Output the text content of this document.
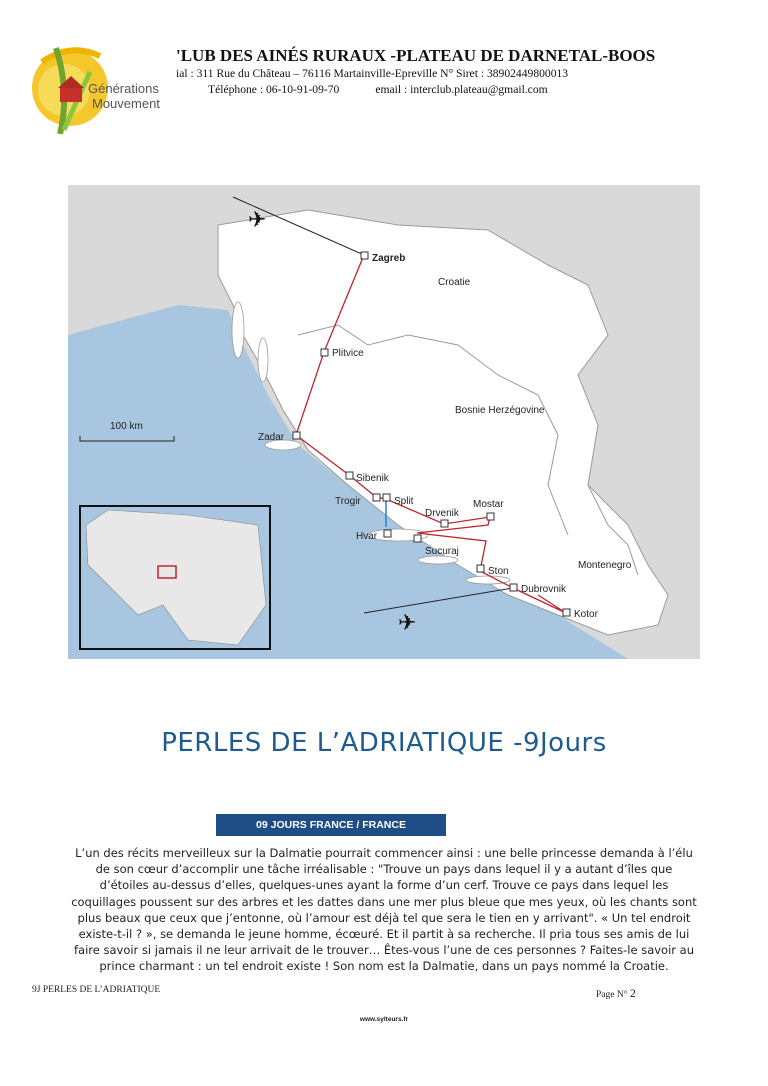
Générations
Mouvement
'LUB DES AINÉS RURAUX -PLATEAU DE DARNETAL-BOOS
ial : 311 Rue du Château – 76116 Martainville-Epreville N° Siret : 38902449800013
Téléphone : 06-10-91-09-70	email : interclub.plateau@gmail.com
✈
✈
Zagreb
Plitvice
Zadar
Sibenik
Trogir	Split
Drvenik
Mostar
Hvar
Sucuraj
Ston
Dubrovnik
Kotor
Croatie
Bosnie Herzégovine
Montenegro
100 km
PERLES DE L’ADRIATIQUE -9Jours
09 JOURS FRANCE / FRANCE
L’un des récits merveilleux sur la Dalmatie pourrait commencer ainsi : une belle princesse demanda à l’élu
de son cœur d’accomplir une tâche irréalisable : "Trouve un pays dans lequel il y a autant d’îles que
d’étoiles au-dessus d’elles, quelques-unes ayant la forme d’un cerf. Trouve ce pays dans lequel les
coquillages poussent sur des arbres et les dattes dans une mer plus bleue que mes yeux, où les chants sont
plus beaux que ceux que j’entonne, où l’amour est déjà tel que sera le tien en y arrivant". « Un tel endroit
existe-t-il ? », se demanda le jeune homme, écœuré. Et il partit à sa recherche. Il pria tous ses amis de lui
faire savoir si jamais il ne leur arrivait de le trouver… Êtes-vous l’une de ces personnes ? Faites-le savoir au
prince charmant : un tel endroit existe ! Son nom est la Dalmatie, dans un pays nommé la Croatie.
9J PERLES DE L’ADRIATIQUE	Page N° 2
www.sylteurs.fr
